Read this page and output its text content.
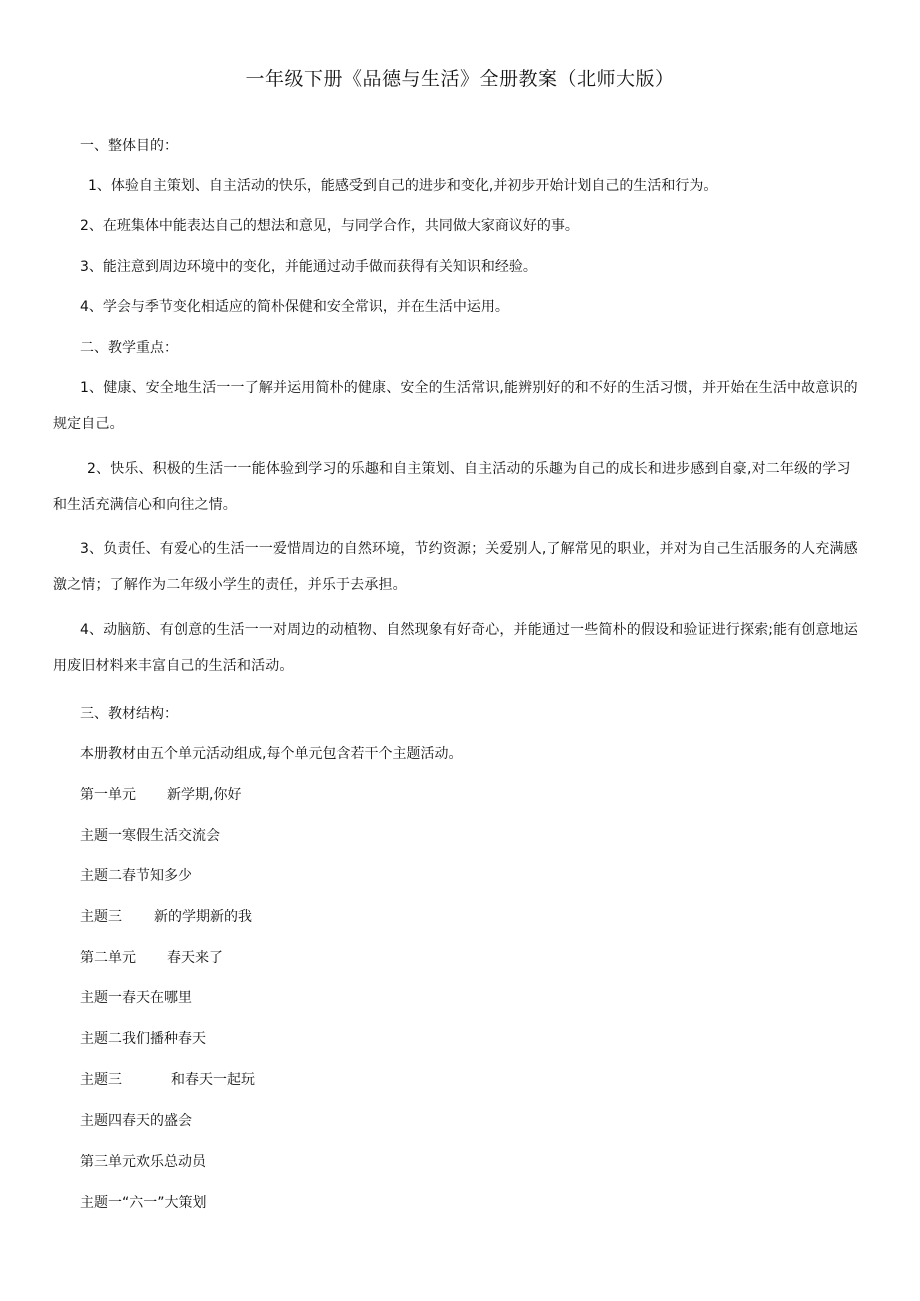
一年级下册《品德与生活》全册教案（北师大版）
一、整体目的：
1、体验自主策划、自主活动的快乐，能感受到自己的进步和变化,并初步开始计划自己的生活和行为。
2、在班集体中能表达自己的想法和意见，与同学合作，共同做大家商议好的事。
3、能注意到周边环境中的变化，并能通过动手做而获得有关知识和经验。
4、学会与季节变化相适应的简朴保健和安全常识，并在生活中运用。
二、教学重点：
1、健康、安全地生活一一了解并运用简朴的健康、安全的生活常识,能辨别好的和不好的生活习惯，并开始在生活中故意识的规定自己。
2、快乐、积极的生活一一能体验到学习的乐趣和自主策划、自主活动的乐趣为自己的成长和进步感到自豪,对二年级的学习和生活充满信心和向往之情。
3、负责任、有爱心的生活一一爱惜周边的自然环境，节约资源；关爱别人,了解常见的职业，并对为自己生活服务的人充满感激之情；了解作为二年级小学生的责任，并乐于去承担。
4、动脑筋、有创意的生活一一对周边的动植物、自然现象有好奇心，并能通过一些简朴的假设和验证进行探索;能有创意地运用废旧材料来丰富自己的生活和活动。
三、教材结构：
本册教材由五个单元活动组成,每个单元包含若干个主题活动。
第一单元 新学期,你好
主题一寒假生活交流会
主题二春节知多少
主题三 新的学期新的我
第二单元 春天来了
主题一春天在哪里
主题二我们播种春天
主题三	和春天一起玩
主题四春天的盛会
第三单元欢乐总动员
主题一“六一”大策划
